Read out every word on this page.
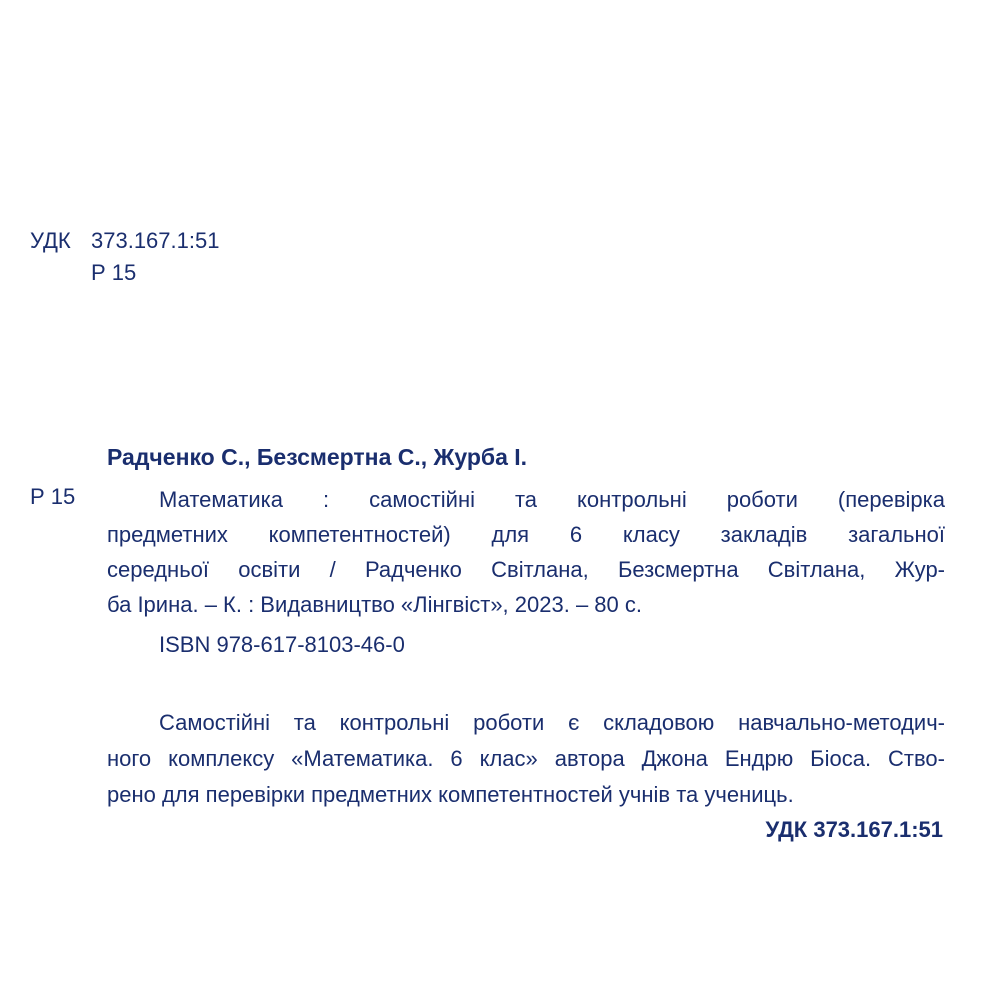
УДК 373.167.1:51
Р 15
Радченко С., Безсмертна С., Журба І.
Р 15	Математика : самостійні та контрольні роботи (перевірка
предметних компетентностей) для 6 класу закладів загальної
середньої освіти / Радченко Світлана, Безсмертна Світлана, Жур-
ба Ірина. – К. : Видавництво «Лінгвіст», 2023. – 80 с.
ISBN 978-617-8103-46-0
Самостійні та контрольні роботи є складовою навчально-методич-
ного комплексу «Математика. 6 клас» автора Джона Ендрю Біоса. Ство-
рено для перевірки предметних компетентностей учнів та учениць.
УДК 373.167.1:51
